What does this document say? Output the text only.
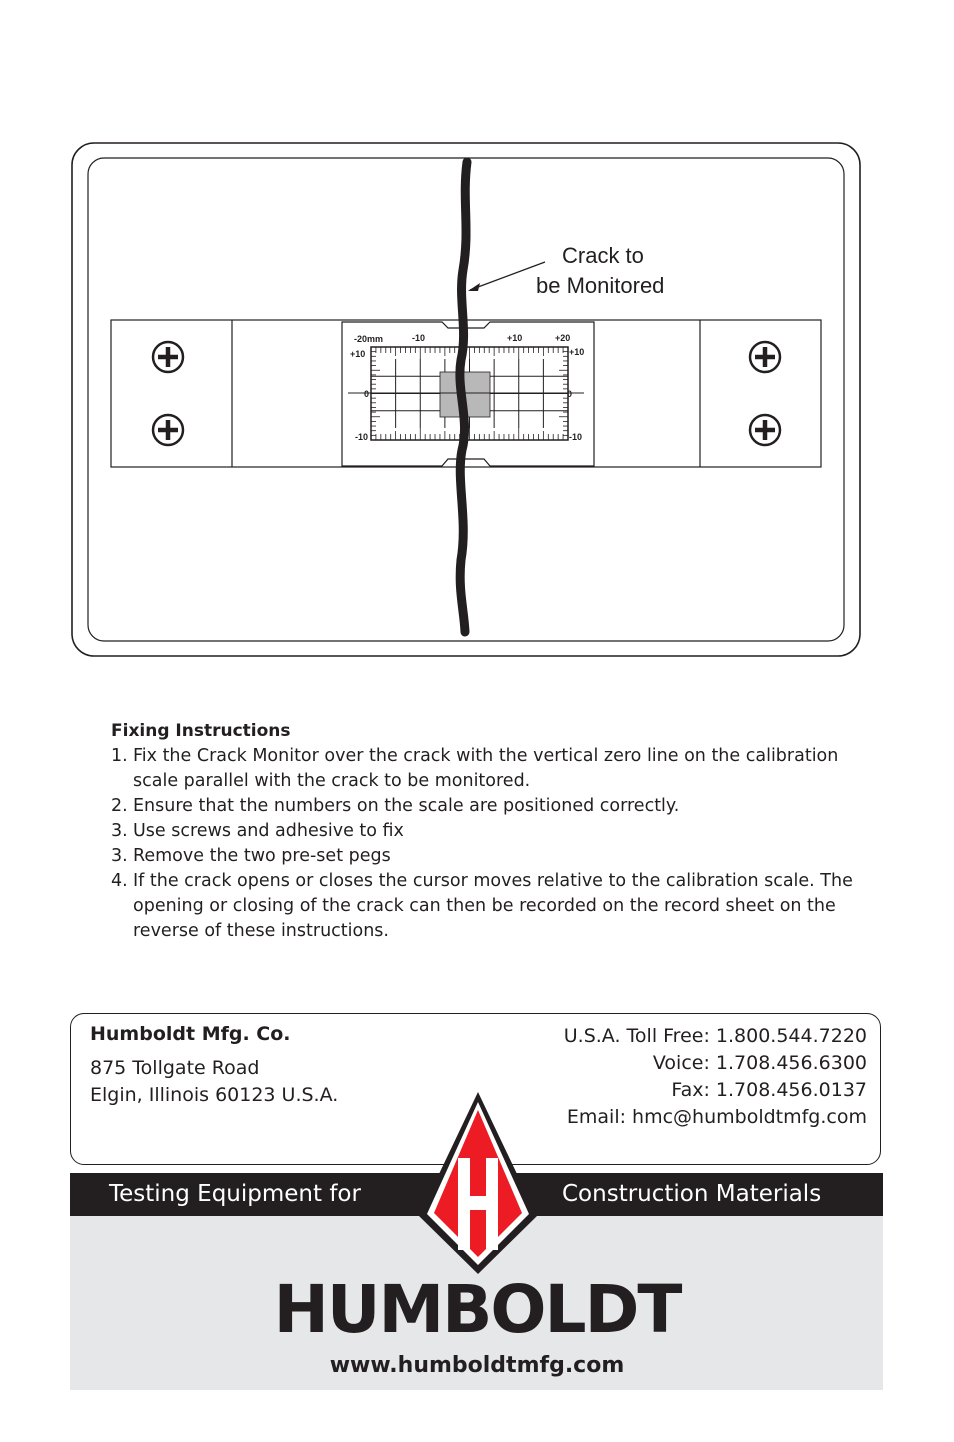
-20mm	-10	+10	+20
+10
0
-10
+10
0
-10
Crack to
be Monitored
Fixing Instructions
1. Fix the Crack Monitor over the crack with the vertical zero line on the calibration scale parallel with the crack to be monitored.
2. Ensure that the numbers on the scale are positioned correctly.
3. Use screws and adhesive to fix
3. Remove the two pre-set pegs
4. If the crack opens or closes the cursor moves relative to the calibration scale. The opening or closing of the crack can then be recorded on the record sheet on the reverse of these instructions.
Humboldt Mfg. Co.
875 Tollgate Road
Elgin, Illinois 60123 U.S.A.
U.S.A. Toll Free: 1.800.544.7220
Voice: 1.708.456.6300
Fax: 1.708.456.0137
Email: hmc@humboldtmfg.com
Testing Equipment for	Construction Materials
HUMBOLDT
www.humboldtmfg.com
